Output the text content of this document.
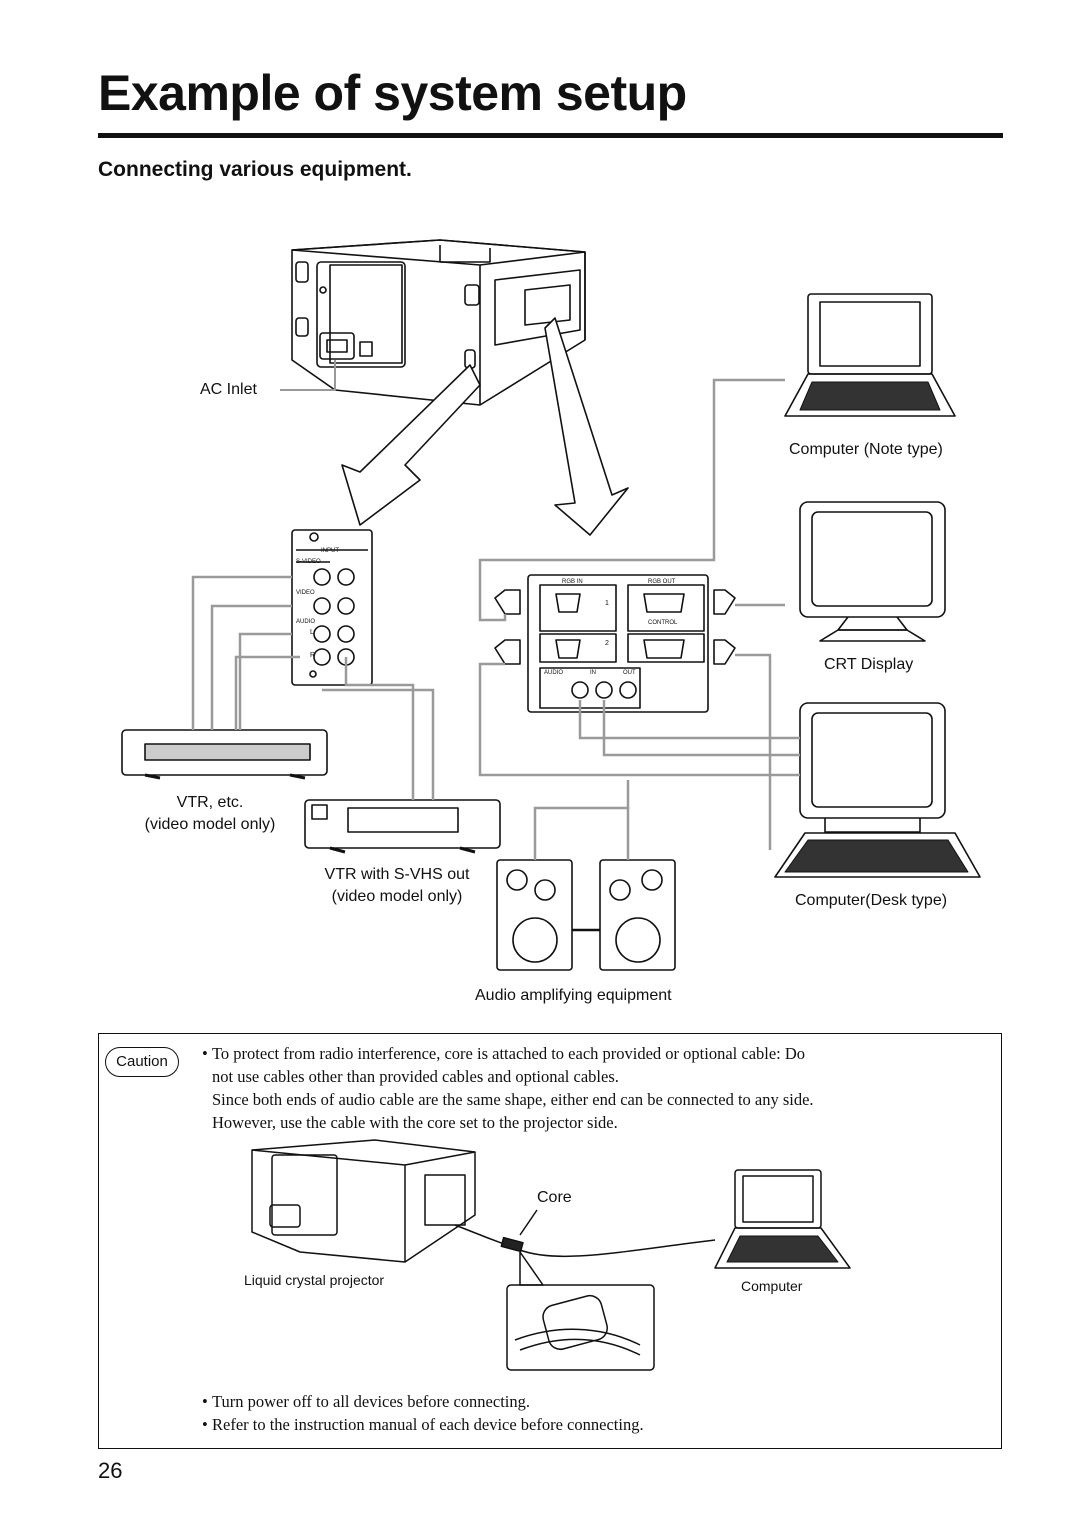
Example of system setup
Connecting various equipment.
AC Inlet
Computer (Note type)
CRT Display
Computer(Desk type)
VTR, etc.
(video model only)
VTR with S-VHS out
(video model only)
Audio amplifying equipment
INPUT
S-VIDEO
VIDEO
AUDIO
RGB IN	RGB OUT
CONTROL
AUDIO	IN	OUT
1
2
L
R
Caution
•	To protect from radio interference, core is attached to each provided or optional cable: Do
not use cables other than provided cables and optional cables.
Since both ends of audio cable are the same shape, either end can be connected to any side.
However, use the cable with the core set to the projector side.
Core
Liquid crystal projector	Computer
• Turn power off to all devices before connecting.
• Refer to the instruction manual of each device before connecting.
26
